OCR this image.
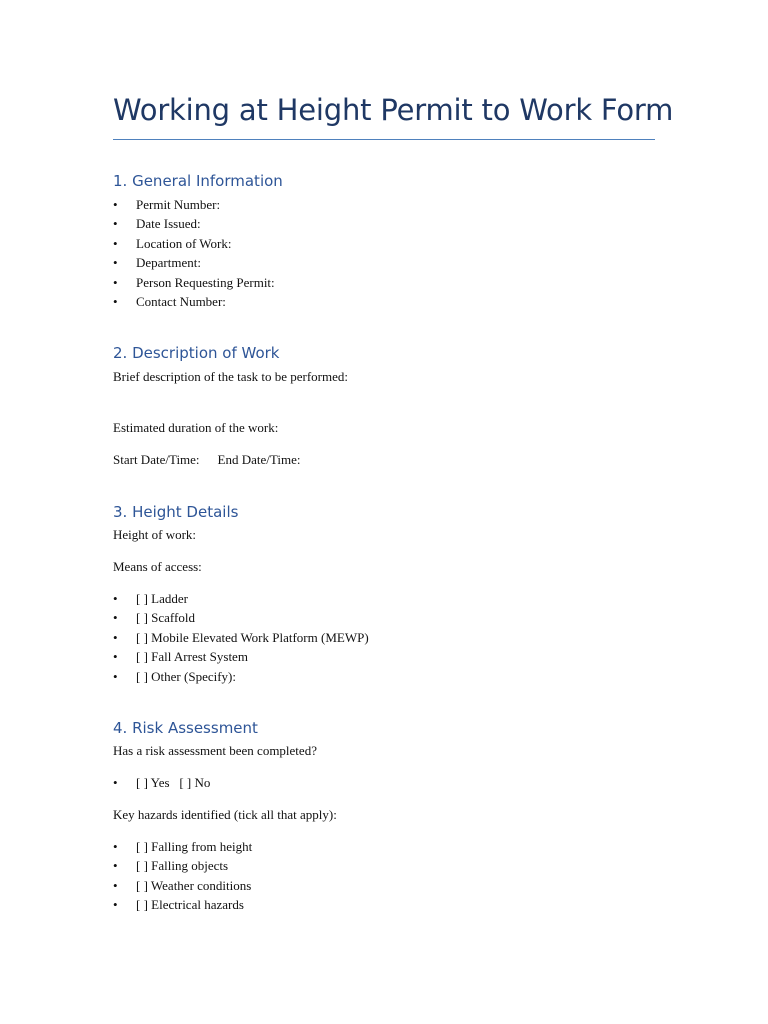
Working at Height Permit to Work Form
1. General Information
• Permit Number:
• Date Issued:
• Location of Work:
• Department:
• Person Requesting Permit:
• Contact Number:
2. Description of Work
Brief description of the task to be performed:
Estimated duration of the work:
Start Date/Time: End Date/Time:
3. Height Details
Height of work:
Means of access:
• [ ] Ladder
• [ ] Scaffold
• [ ] Mobile Elevated Work Platform (MEWP)
• [ ] Fall Arrest System
• [ ] Other (Specify):
4. Risk Assessment
Has a risk assessment been completed?
• [ ] Yes   [ ] No
Key hazards identified (tick all that apply):
• [ ] Falling from height
• [ ] Falling objects
• [ ] Weather conditions
• [ ] Electrical hazards
